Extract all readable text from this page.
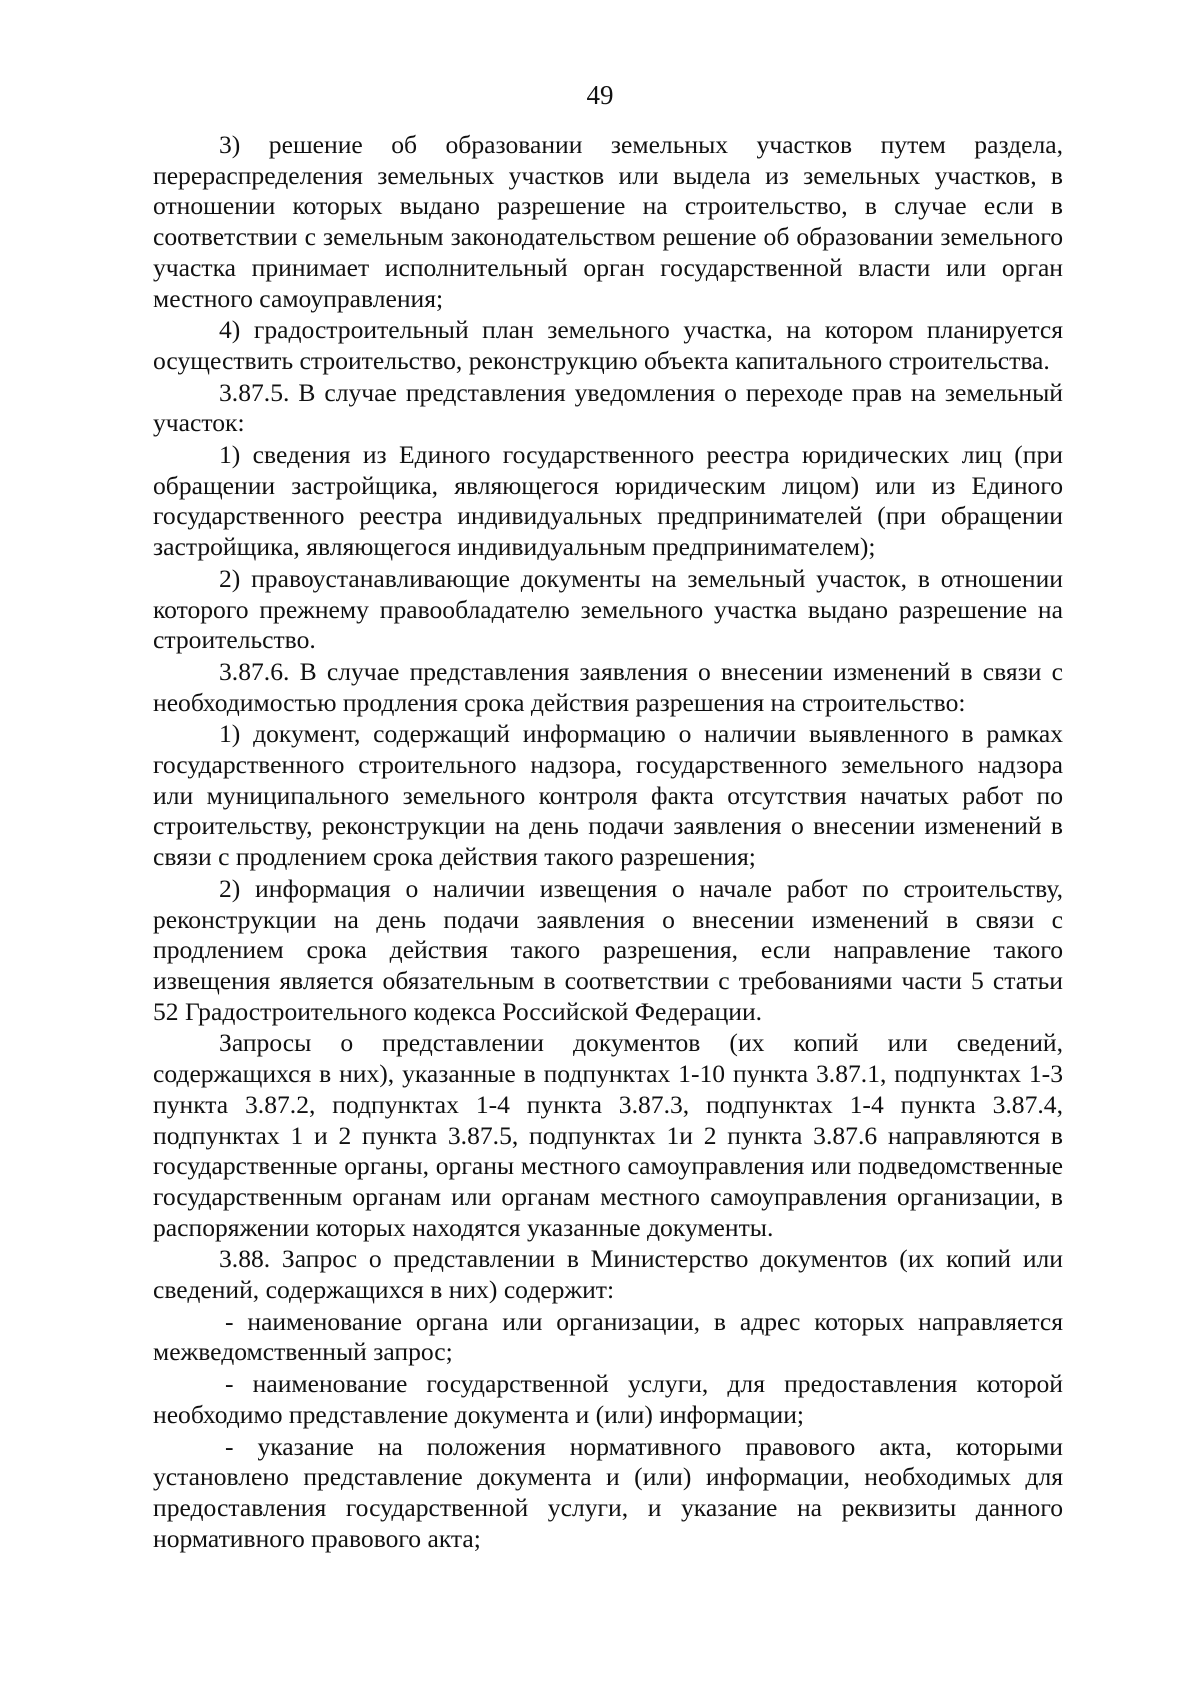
49

3) решение об образовании земельных участков путем раздела, перераспределения земельных участков или выдела из земельных участков, в отношении которых выдано разрешение на строительство, в случае если в соответствии с земельным законодательством решение об образовании земельного участка принимает исполнительный орган государственной власти или орган местного самоуправления;

4) градостроительный план земельного участка, на котором планируется осуществить строительство, реконструкцию объекта капитального строительства.

3.87.5. В случае представления уведомления о переходе прав на земельный участок:

1) сведения из Единого государственного реестра юридических лиц (при обращении застройщика, являющегося юридическим лицом) или из Единого государственного реестра индивидуальных предпринимателей (при обращении застройщика, являющегося индивидуальным предпринимателем);

2) правоустанавливающие документы на земельный участок, в отношении которого прежнему правообладателю земельного участка выдано разрешение на строительство.

3.87.6. В случае представления заявления о внесении изменений в связи с необходимостью продления срока действия разрешения на строительство:

1) документ, содержащий информацию о наличии выявленного в рамках государственного строительного надзора, государственного земельного надзора или муниципального земельного контроля факта отсутствия начатых работ по строительству, реконструкции на день подачи заявления о внесении изменений в связи с продлением срока действия такого разрешения;

2) информация о наличии извещения о начале работ по строительству, реконструкции на день подачи заявления о внесении изменений в связи с продлением срока действия такого разрешения, если направление такого извещения является обязательным в соответствии с требованиями части 5 статьи 52 Градостроительного кодекса Российской Федерации.

Запросы о представлении документов (их копий или сведений, содержащихся в них), указанные в подпунктах 1-10 пункта 3.87.1, подпунктах 1-3 пункта 3.87.2, подпунктах 1-4 пункта 3.87.3, подпунктах 1-4 пункта 3.87.4, подпунктах 1 и 2 пункта 3.87.5, подпунктах 1и 2 пункта 3.87.6 направляются в государственные органы, органы местного самоуправления или подведомственные государственным органам или органам местного самоуправления организации, в распоряжении которых находятся указанные документы.

3.88. Запрос о представлении в Министерство документов (их копий или сведений, содержащихся в них) содержит:

- наименование органа или организации, в адрес которых направляется межведомственный запрос;

- наименование государственной услуги, для предоставления которой необходимо представление документа и (или) информации;

- указание на положения нормативного правового акта, которыми установлено представление документа и (или) информации, необходимых для предоставления государственной услуги, и указание на реквизиты данного нормативного правового акта;
